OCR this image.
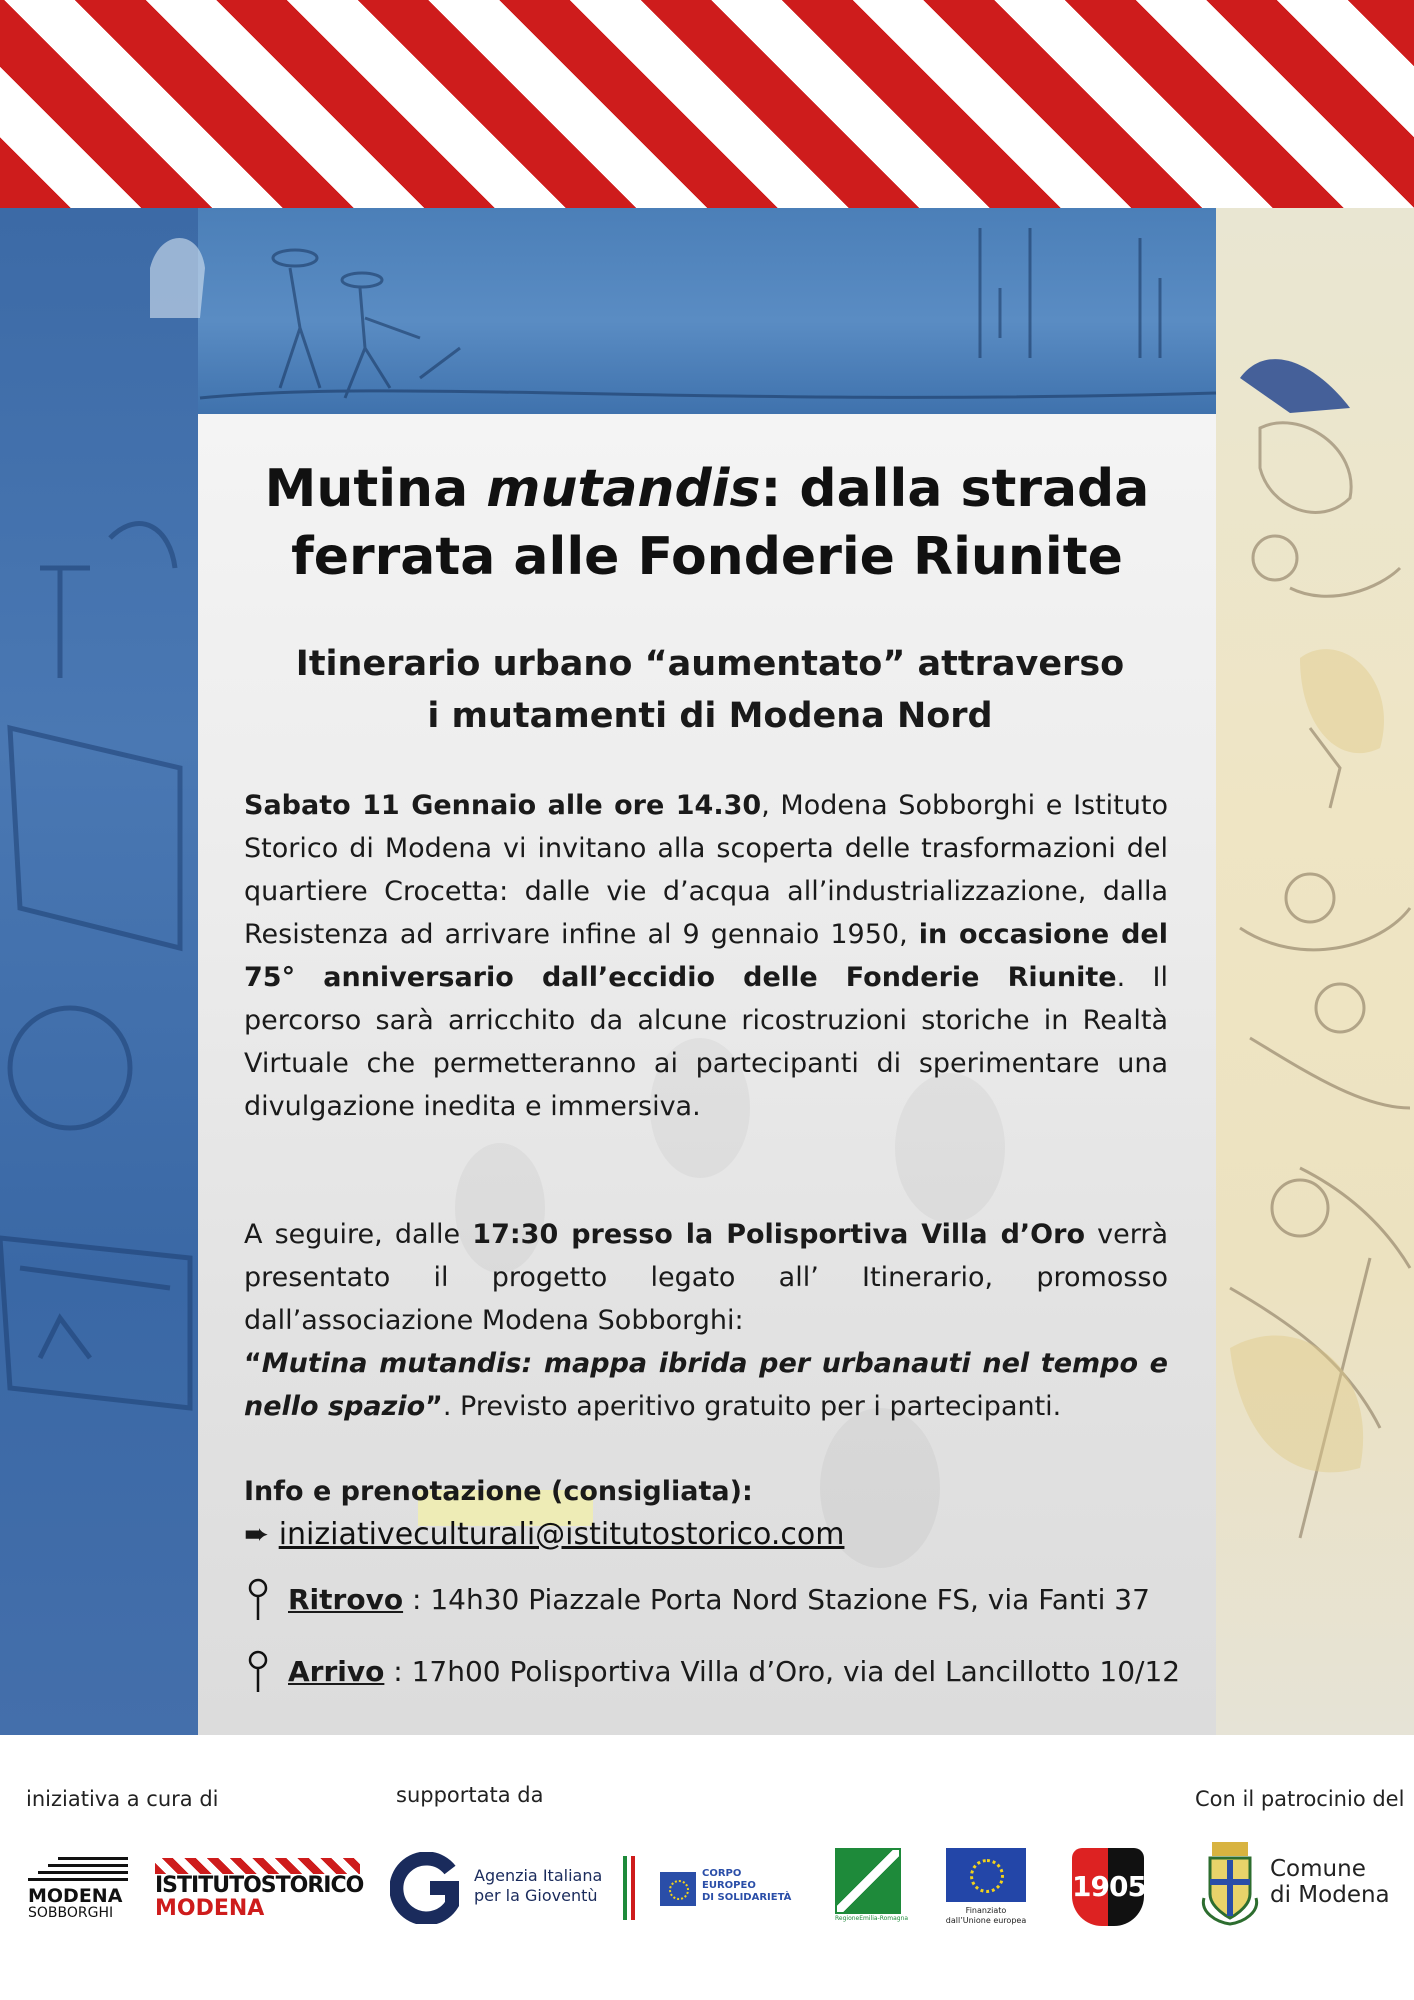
Mutina mutandis: dalla strada ferrata alle Fonderie Riunite
Itinerario urbano “aumentato” attraverso
i mutamenti di Modena Nord

Sabato 11 Gennaio alle ore 14.30, Modena Sobborghi e Istituto Storico di Modena vi invitano alla scoperta delle trasformazioni del quartiere Crocetta: dalle vie d’acqua all’industrializzazione, dalla Resistenza ad arrivare infine al 9 gennaio 1950, in occasione del 75° anniversario dall’eccidio delle Fonderie Riunite. Il percorso sarà arricchito da alcune ricostruzioni storiche in Realtà Virtuale che permetteranno ai partecipanti di sperimentare una divulgazione inedita e immersiva.

A seguire, dalle 17:30 presso la Polisportiva Villa d’Oro verrà presentato il progetto legato all’ Itinerario, promosso dall’associazione Modena Sobborghi:
“Mutina mutandis: mappa ibrida per urbanauti nel tempo e nello spazio”. Previsto aperitivo gratuito per i partecipanti.

Info e prenotazione (consigliata):
➨ iniziativeculturali@istitutostorico.com
Ritrovo : 14h30 Piazzale Porta Nord Stazione FS, via Fanti 37
Arrivo : 17h00 Polisportiva Villa d’Oro, via del Lancillotto 10/12
iniziativa a cura di	supportata da	Con il patrocinio del
MODENA
SOBBORGHI
ISTITUTOSTORICO
MODENA
Agenzia Italiana
per la Gioventù
CORPO
EUROPEO
DI SOLIDARIETÀ
RegioneEmilia-Romagna
Finanziato
dall’Unione europea
1905
Comune
di Modena
